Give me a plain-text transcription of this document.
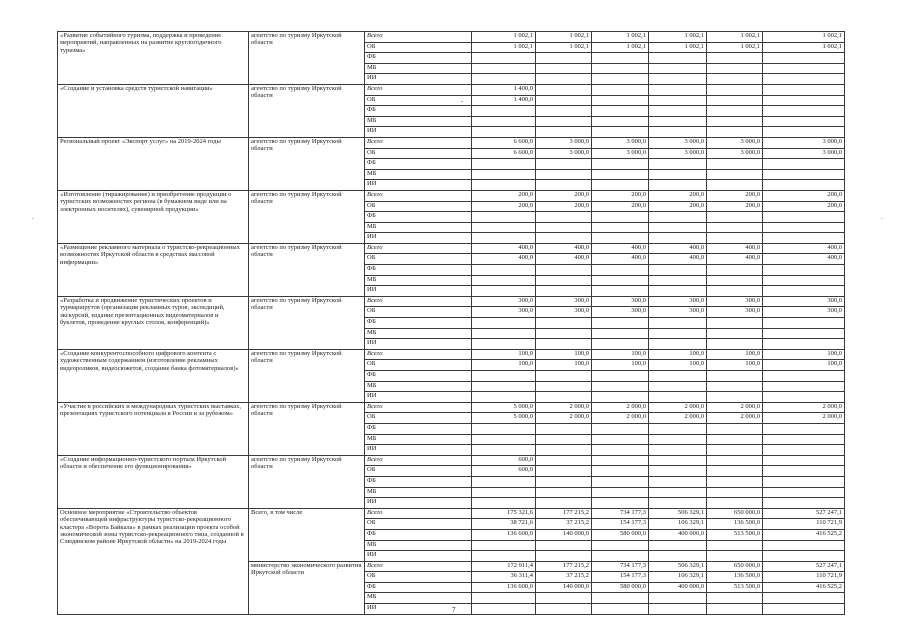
«Развитие событийного туризма, поддержка и проведение мероприятий, направленных на развитие круглогодичного туризма»	агентство по туризму Иркутской области	Всего	1 002,1	1 002,1	1 002,1	1 002,1	1 002,1	1 002,1
		ОБ	1 002,1	1 002,1	1 002,1	1 002,1	1 002,1	1 002,1
		ФБ						
		МБ						
		ИИ						
«Создание и установка средств туристской навигации»	агентство по туризму Иркутской области	Всего	1 400,0					
		ОБ	1 400,0					
		ФБ						
		МБ						
		ИИ						
Региональный проект «Экспорт услуг» на 2019-2024 годы	агентство по туризму Иркутской области	Всего	6 600,0	3 000,0	3 000,0	3 000,0	3 000,0	3 000,0
		ОБ	6 600,0	3 000,0	3 000,0	3 000,0	3 000,0	3 000,0
		ФБ						
		МБ						
		ИИ						
«Изготовление (тиражирование) и приобретение продукции о туристских возможностях региона (в бумажном виде или на электронных носителях), сувенирной продукции»	агентство по туризму Иркутской области	Всего	200,0	200,0	200,0	200,0	200,0	200,0
		ОБ	200,0	200,0	200,0	200,0	200,0	200,0
		ФБ						
		МБ						
		ИИ						
«Размещение рекламного материала о туристско-рекреационных возможностях Иркутской области в средствах массовой информации»	агентство по туризму Иркутской области	Всего	400,0	400,0	400,0	400,0	400,0	400,0
		ОБ	400,0	400,0	400,0	400,0	400,0	400,0
		ФБ						
		МБ						
		ИИ						
«Разработка и продвижение туристических проектов и турмаршрутов (организация рекламных туров, экспедиций, экскурсий, издание презентационных видеоматериалов и буклетов, проведение круглых столов, конференций)»	агентство по туризму Иркутской области	Всего	300,0	300,0	300,0	300,0	300,0	300,0
		ОБ	300,0	300,0	300,0	300,0	300,0	300,0
		ФБ						
		МБ						
		ИИ						
«Создание конкурентоспособного цифрового контента с художественным содержанием (изготовление рекламных видеороликов, видеосюжетов, создание банка фотоматериалов)»	агентство по туризму Иркутской области	Всего	100,0	100,0	100,0	100,0	100,0	100,0
		ОБ	100,0	100,0	100,0	100,0	100,0	100,0
		ФБ						
		МБ						
		ИИ						
«Участие в российских и международных туристских выставках, презентациях туристского потенциала в России и за рубежом»	агентство по туризму Иркутской области	Всего	5 000,0	2 000,0	2 000,0	2 000,0	2 000,0	2 000,0
		ОБ	5 000,0	2 000,0	2 000,0	2 000,0	2 000,0	2 000,0
		ФБ						
		МБ						
		ИИ						
«Создание информационно-туристского портала Иркутской области и обеспечение его функционирования»	агентство по туризму Иркутской области	Всего	600,0					
		ОБ	600,0					
		ФБ						
		МБ						
		ИИ						
Основное мероприятие «Строительство объектов обеспечивающей инфраструктуры туристско-рекреационного кластера «Ворота Байкала» в рамках реализации проекта особой экономической зоны туристско-рекреационного типа, созданной в Слюдянском районе Иркутской области» на 2019-2024 годы	Всего, в том числе	Всего	175 321,6	177 215,2	734 177,3	506 329,1	650 000,0	527 247,1
		ОБ	38 721,6	37 215,2	154 177,3	106 329,1	136 500,0	110 721,9
		ФБ	136 600,0	140 000,0	580 000,0	400 000,0	513 500,0	416 525,2
		МБ						
		ИИ						
	министерство экономического развития Иркутской области	Всего	172 911,4	177 215,2	734 177,3	506 329,1	650 000,0	527 247,1
		ОБ	36 311,4	37 215,2	154 177,3	106 329,1	136 500,0	110 721,9
		ФБ	136 600,0	140 000,0	580 000,0	400 000,0	513 500,0	416 525,2
		МБ						
		ИИ							7
-
.	.
